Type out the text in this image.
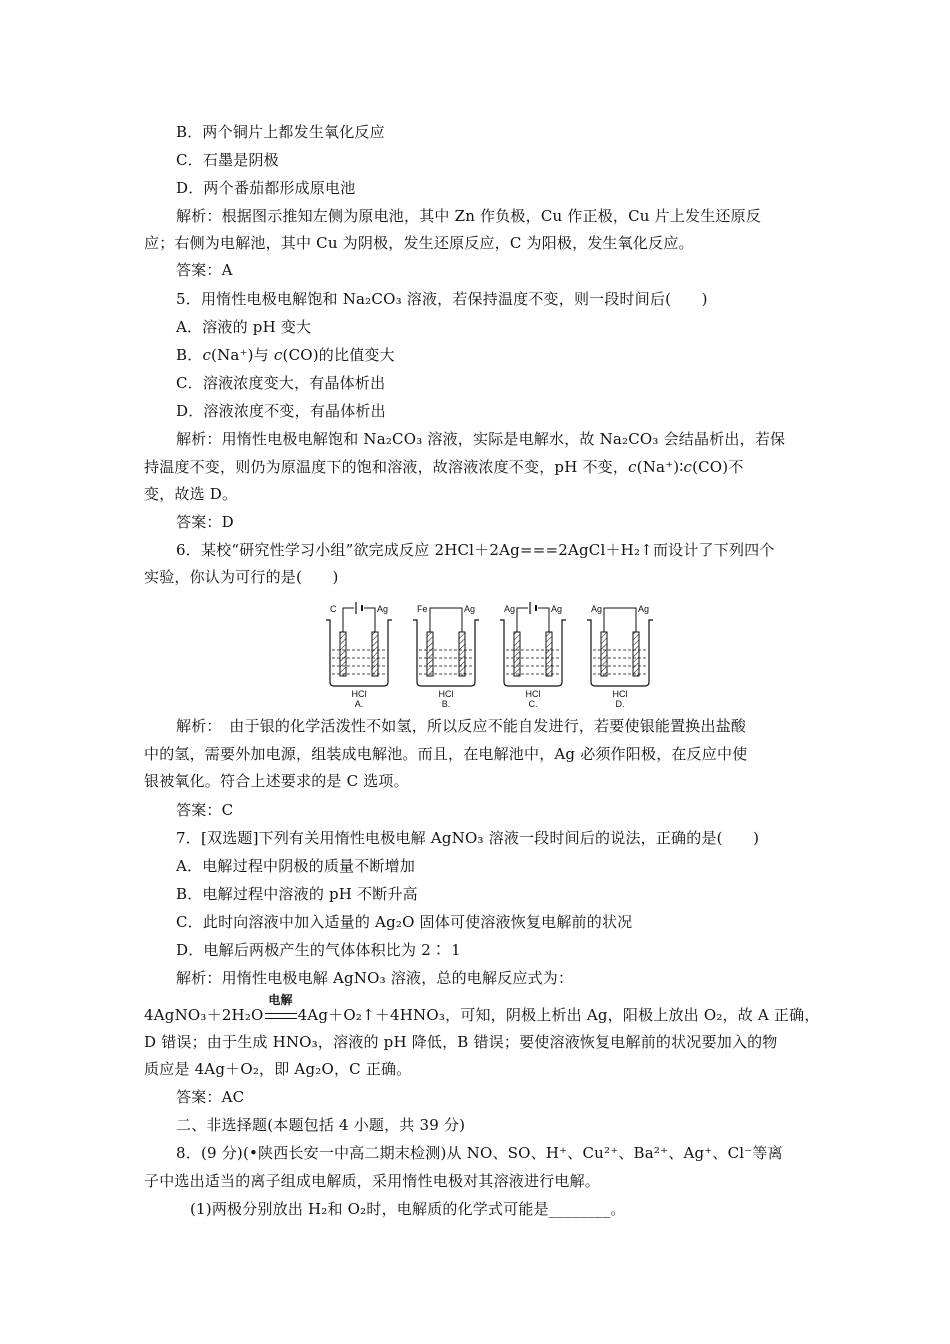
B．两个铜片上都发生氧化反应
C．石墨是阴极
D．两个番茄都形成原电池
解析：根据图示推知左侧为原电池，其中 Zn 作负极，Cu 作正极，Cu 片上发生还原反
应；右侧为电解池，其中 Cu 为阴极，发生还原反应，C 为阳极，发生氧化反应。
答案：A
5．用惰性电极电解饱和 Na₂CO₃ 溶液，若保持温度不变，则一段时间后(　　)
A．溶液的 pH 变大
B．c(Na⁺)与 c(CO)的比值变大
C．溶液浓度变大，有晶体析出
D．溶液浓度不变，有晶体析出
解析：用惰性电极电解饱和 Na₂CO₃ 溶液，实际是电解水，故 Na₂CO₃ 会结晶析出，若保
持温度不变，则仍为原温度下的饱和溶液，故溶液浓度不变，pH 不变，c(Na⁺)∶c(CO)不
变，故选 D。
答案：D
6．某校“研究性学习小组”欲完成反应 2HCl＋2Ag===2AgCl＋H₂↑而设计了下列四个
实验，你认为可行的是(　　)
C	Ag
HCl
A.
Fe	Ag
HCl
B.
Ag	Ag
HCl
C.
Ag	Ag
HCl
D.
解析：　由于银的化学活泼性不如氢，所以反应不能自发进行，若要使银能置换出盐酸
中的氢，需要外加电源，组装成电解池。而且，在电解池中，Ag 必须作阳极，在反应中使
银被氧化。符合上述要求的是 C 选项。
答案：C
7．[双选题]下列有关用惰性电极电解 AgNO₃ 溶液一段时间后的说法，正确的是(　　)
A．电解过程中阴极的质量不断增加
B．电解过程中溶液的 pH 不断升高
C．此时向溶液中加入适量的 Ag₂O 固体可使溶液恢复电解前的状况
D．电解后两极产生的气体体积比为 2∶ 1
解析：用惰性电极电解 AgNO₃ 溶液，总的电解反应式为：
4AgNO₃＋2H₂O
电解
4Ag＋O₂↑＋4HNO₃，可知，阴极上析出 Ag，阳极上放出 O₂，故 A 正确，
D 错误；由于生成 HNO₃，溶液的 pH 降低，B 错误；要使溶液恢复电解前的状况要加入的物
质应是 4Ag＋O₂，即 Ag₂O，C 正确。
答案：AC
二、非选择题(本题包括 4 小题，共 39 分)
8．(9 分)(•陕西长安一中高二期末检测)从 NO、SO、H⁺、Cu²⁺、Ba²⁺、Ag⁺、Cl⁻等离
子中选出适当的离子组成电解质，采用惰性电极对其溶液进行电解。
(1)两极分别放出 H₂和 O₂时，电解质的化学式可能是________。
